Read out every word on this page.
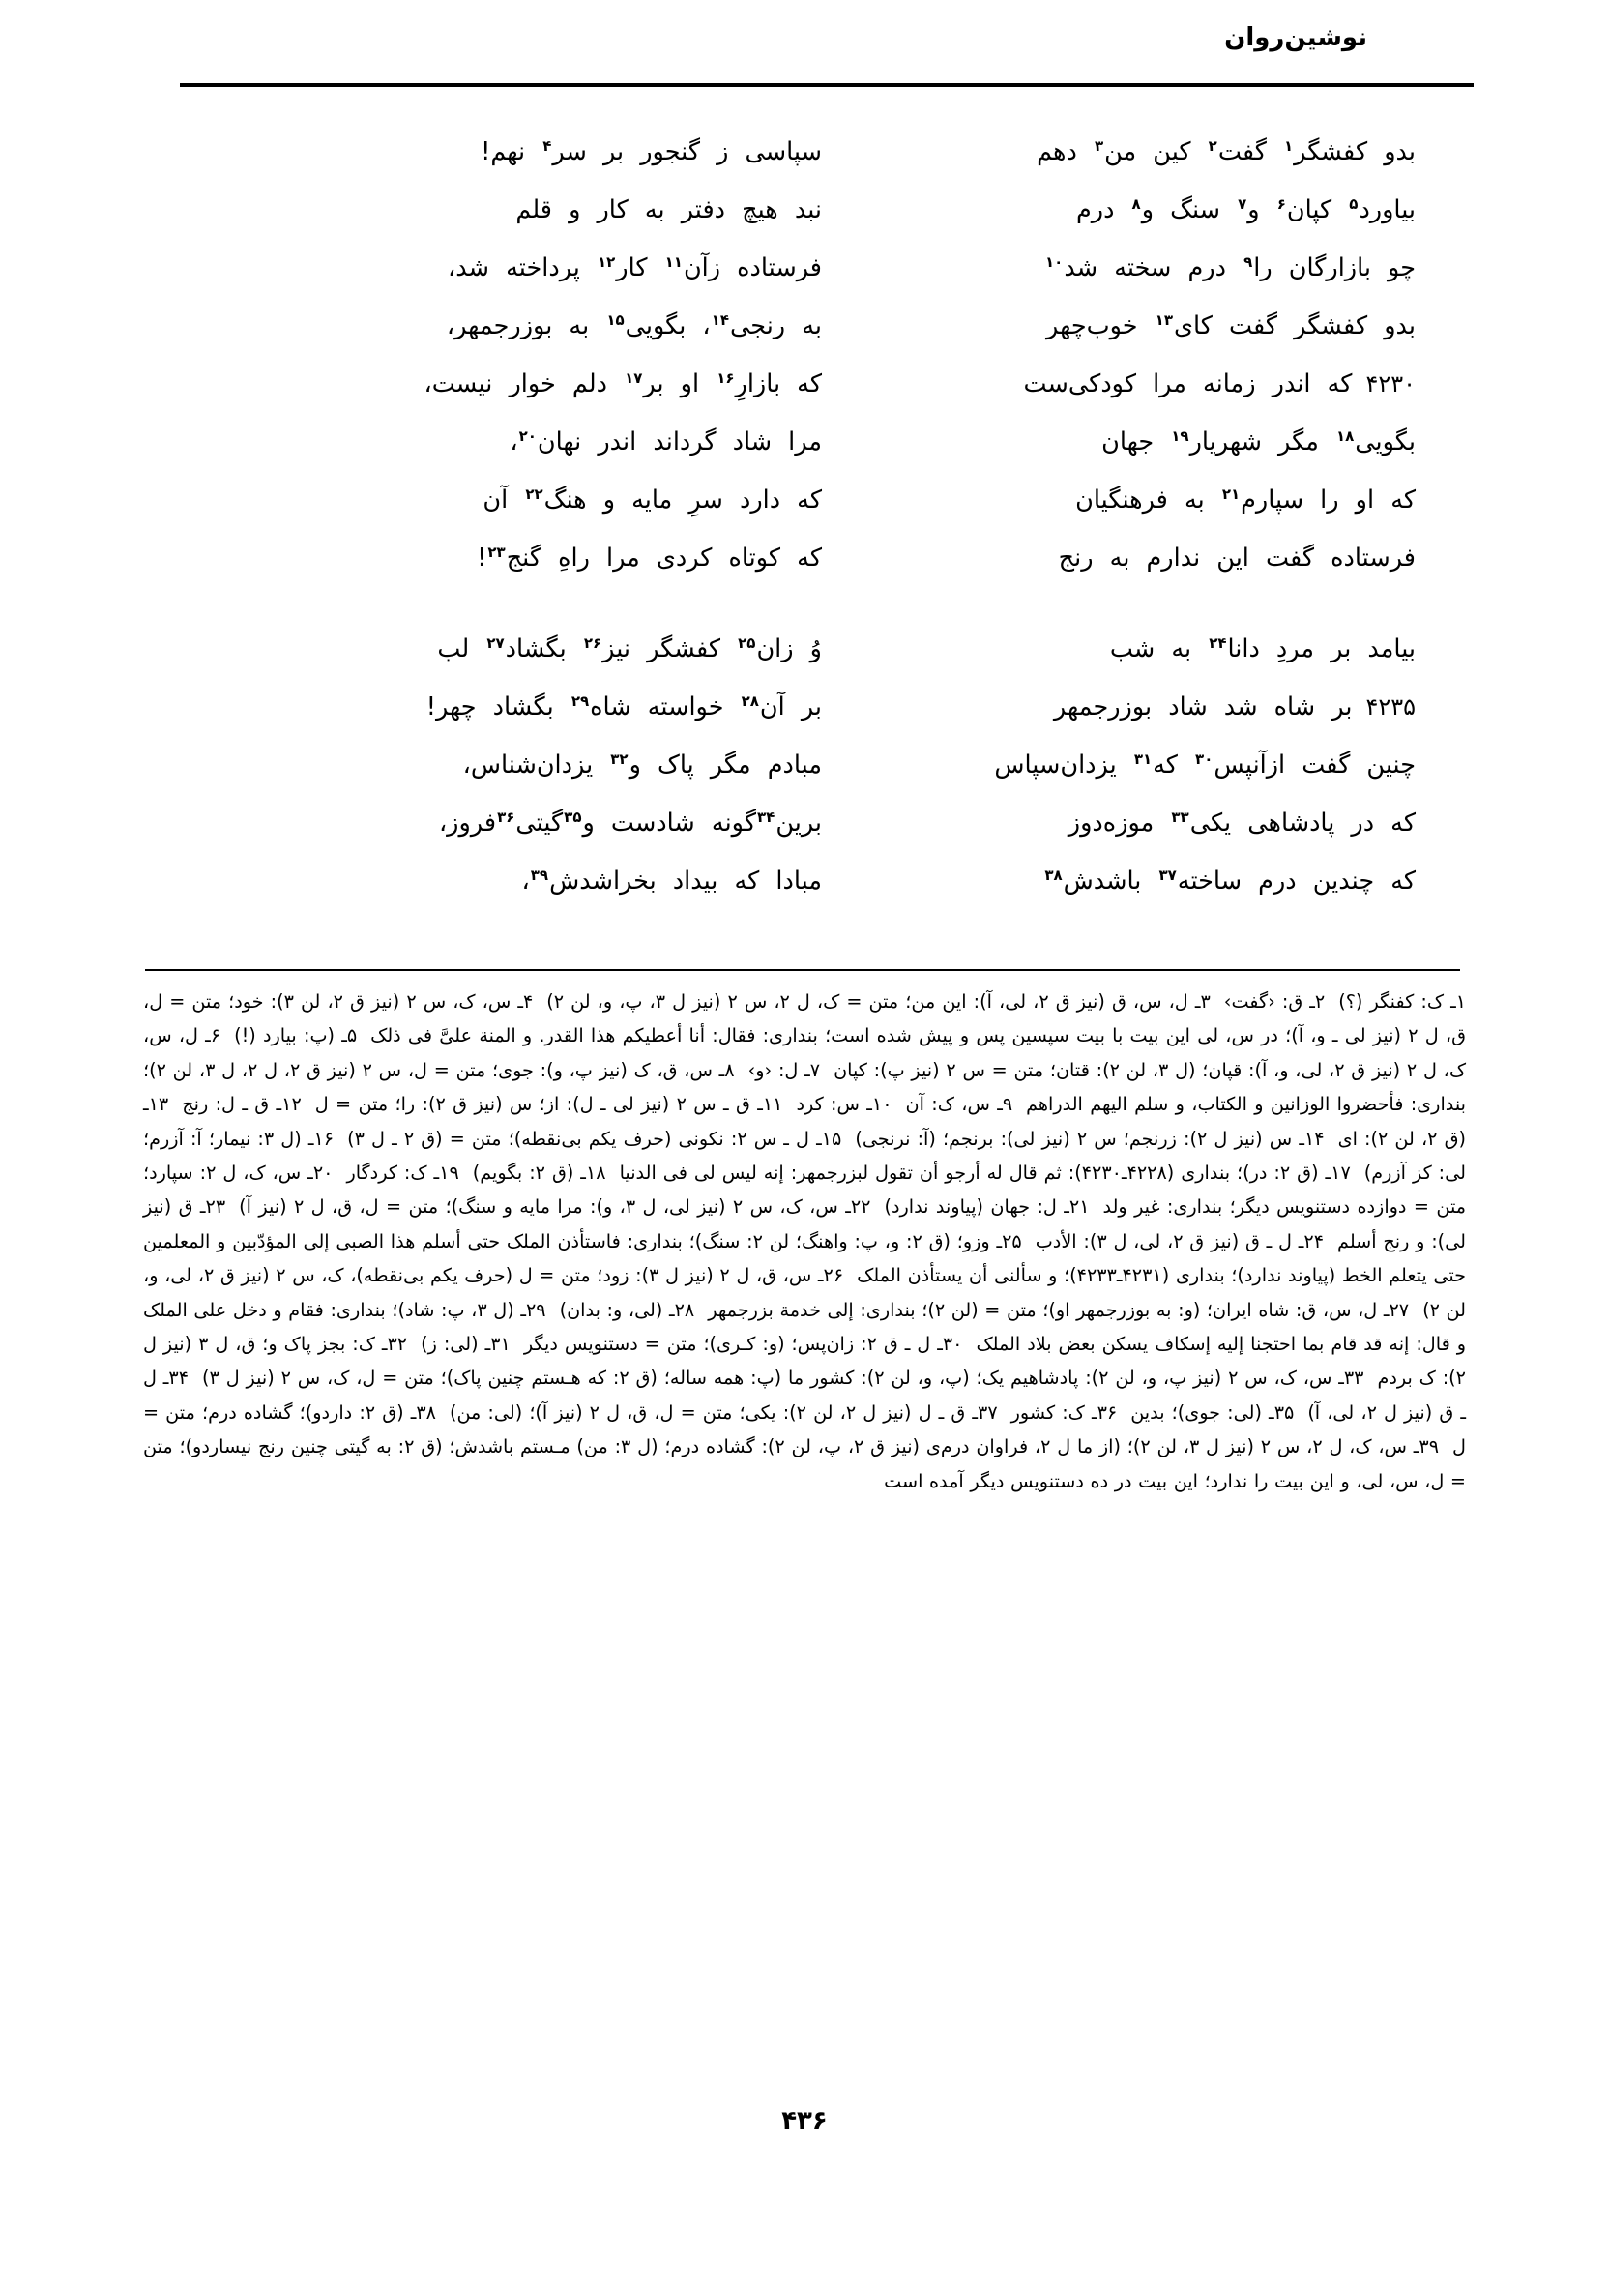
نوشین‌روان
بدو کفشگر$^۱$ گفت$^۲$ کین من$^۳$ دهم
سپاسی ز گنجور بر سر$^۴$ نهم!
بیاورد$^۵$ کپان$^۶$ و$^۷$ سنگ و$^۸$ درم
نبد هیچ دفتر به کار و قلم
چو بازارگان را$^۹$ درم سخته شد$^{۱۰}$
فرستاده زآن$^{۱۱}$ کار$^{۱۲}$ پرداخته شد،
بدو کفشگر گفت کای$^{۱۳}$ خوب‌چهر
به رنجی$^{۱۴}$، بگویی$^{۱۵}$ به بوزرجمهر،
۴۲۳۰که اندر زمانه مرا کودکی‌ست
که بازارِ$^{۱۶}$ او بر$^{۱۷}$ دلم خوار نیست،
بگویی$^{۱۸}$ مگر شهریار$^{۱۹}$ جهان
مرا شاد گرداند اندر نهان$^{۲۰}$،
که او را سپارم$^{۲۱}$ به فرهنگیان
که دارد سرِ مایه و هنگ$^{۲۲}$ آن
فرستاده گفت این ندارم به رنج
که کوتاه کردی مرا راهِ گنج$^{۲۳}$!
بیامد بر مردِ دانا$^{۲۴}$ به شب
وُ زان$^{۲۵}$ کفشگر نیز$^{۲۶}$ بگشاد$^{۲۷}$ لب
۴۲۳۵بر شاه شد شاد بوزرجمهر
بر آن$^{۲۸}$ خواسته شاه$^{۲۹}$ بگشاد چهر!
چنین گفت ازآنپس$^{۳۰}$ که$^{۳۱}$ یزدان‌سپاس
مبادم مگر پاک و$^{۳۲}$ یزدان‌شناس،
که در پادشاهی یکی$^{۳۳}$ موزه‌دوز
برین$^{۳۴}$گونه شادست و$^{۳۵}$گیتی$^{۳۶}$فروز،
که چندین درم ساخته$^{۳۷}$ باشدش$^{۳۸}$
مبادا که بیداد بخراشدش$^{۳۹}$،
۱ـ ک: کفنگر (؟)  ۲ـ ق: ‹گفت›  ۳ـ ل، س، ق (نیز ق ۲، لی، آ): این من؛ متن = ک، ل ۲، س ۲ (نیز ل ۳، پ، و، لن ۲)  ۴ـ س، ک، س ۲ (نیز ق ۲، لن ۳): خود؛ متن = ل، ق، ل ۲ (نیز لی ـ و، آ)؛ در س، لی این بیت با بیت سپسین پس و پیش شده است؛ بنداری: فقال: أنا أعطیکم هذا القدر. و المنة علیَّ فی ذلک  ۵ـ (پ: بیارد (!)  ۶ـ ل، س، ک، ل ۲ (نیز ق ۲، لی، و، آ): قپان؛ (ل ۳، لن ۲): قتان؛ متن = س ۲ (نیز پ): کپان  ۷ـ ل: ‹و›  ۸ـ س، ق، ک (نیز پ، و): جوی؛ متن = ل، س ۲ (نیز ق ۲، ل ۲، ل ۳، لن ۲)؛ بنداری: فأحضروا الوزانین و الکتاب، و سلم الیهم الدراهم  ۹ـ س، ک: آن  ۱۰ـ س: کرد  ۱۱ـ ق ـ س ۲ (نیز لی ـ ل): از؛ س (نیز ق ۲): را؛ متن = ل  ۱۲ـ ق ـ ل: رنج  ۱۳ـ (ق ۲، لن ۲): ای  ۱۴ـ س (نیز ل ۲): زرنجم؛ س ۲ (نیز لی): برنجم؛ (آ: نرنجی)  ۱۵ـ ل ـ س ۲: نکونی (حرف یکم بی‌نقطه)؛ متن = (ق ۲ ـ ل ۳)  ۱۶ـ (ل ۳: نیمار؛ آ: آزرم؛ لی: کز آزرم)  ۱۷ـ (ق ۲: در)؛ بنداری (۴۲۲۸ـ۴۲۳۰): ثم قال له أرجو أن تقول لبزرجمهر: إنه لیس لی فی الدنیا  ۱۸ـ (ق ۲: بگویم)  ۱۹ـ ک: کردگار  ۲۰ـ س، ک، ل ۲: سپارد؛ متن = دوازده دستنویس دیگر؛ بنداری: غیر ولد  ۲۱ـ ل: جهان (پیاوند ندارد)  ۲۲ـ س، ک، س ۲ (نیز لی، ل ۳، و): مرا مایه و سنگ)؛ متن = ل، ق، ل ۲ (نیز آ)  ۲۳ـ ق (نیز لی): و رنج أسلم  ۲۴ـ ل ـ ق (نیز ق ۲، لی، ل ۳): الأدب  ۲۵ـ وزو؛ (ق ۲: و، پ: واهنگ؛ لن ۲: سنگ)؛ بنداری: فاستأذن الملک حتى أسلم هذا الصبی إلى المؤدّبین و المعلمین حتى یتعلم الخط (پیاوند ندارد)؛ بنداری (۴۲۳۱ـ۴۲۳۳)؛ و سألنی أن یستأذن الملک  ۲۶ـ س، ق، ل ۲ (نیز ل ۳): زود؛ متن = ل (حرف یکم بی‌نقطه)، ک، س ۲ (نیز ق ۲، لی، و، لن ۲)  ۲۷ـ ل، س، ق: شاه ایران؛ (و: به بوزرجمهر او)؛ متن = (لن ۲)؛ بنداری: إلى خدمة بزرجمهر  ۲۸ـ (لی، و: بدان)  ۲۹ـ (ل ۳، پ: شاد)؛ بنداری: فقام و دخل على الملک و قال: إنه قد قام بما احتجنا إلیه إسکاف یسکن بعض بلاد الملک  ۳۰ـ ل ـ ق ۲: زان‌پس؛ (و: کـری)؛ متن = دستنویس دیگر  ۳۱ـ (لی: ز)  ۳۲ـ ک: بجز پاک و؛ ق، ل ۳ (نیز ل ۲): ک بردم  ۳۳ـ س، ک، س ۲ (نیز پ، و، لن ۲): پادشاهیم یک؛ (پ، و، لن ۲): کشور ما (پ: همه ساله؛ (ق ۲: که هـستم چنین پاک)؛ متن = ل، ک، س ۲ (نیز ل ۳)  ۳۴ـ ل ـ ق (نیز ل ۲، لی، آ)  ۳۵ـ (لی: جوی)؛ بدین  ۳۶ـ ک: کشور  ۳۷ـ ق ـ ل (نیز ل ۲، لن ۲): یکی؛ متن = ل، ق، ل ۲ (نیز آ)؛ (لی: من)  ۳۸ـ (ق ۲: داردو)؛ گشاده درم؛ متن = ل  ۳۹ـ س، ک، ل ۲، س ۲ (نیز ل ۳، لن ۲)؛ (از ما ل ۲، فراوان درم‌ی (نیز ق ۲، پ، لن ۲): گشاده درم؛ (ل ۳: من) مـستم باشدش؛ (ق ۲: به گیتی چنین رنج نیساردو)؛ متن = ل، س، لی، و این بیت را ندارد؛ این بیت در ده دستنویس دیگر آمده است
۴۳۶
